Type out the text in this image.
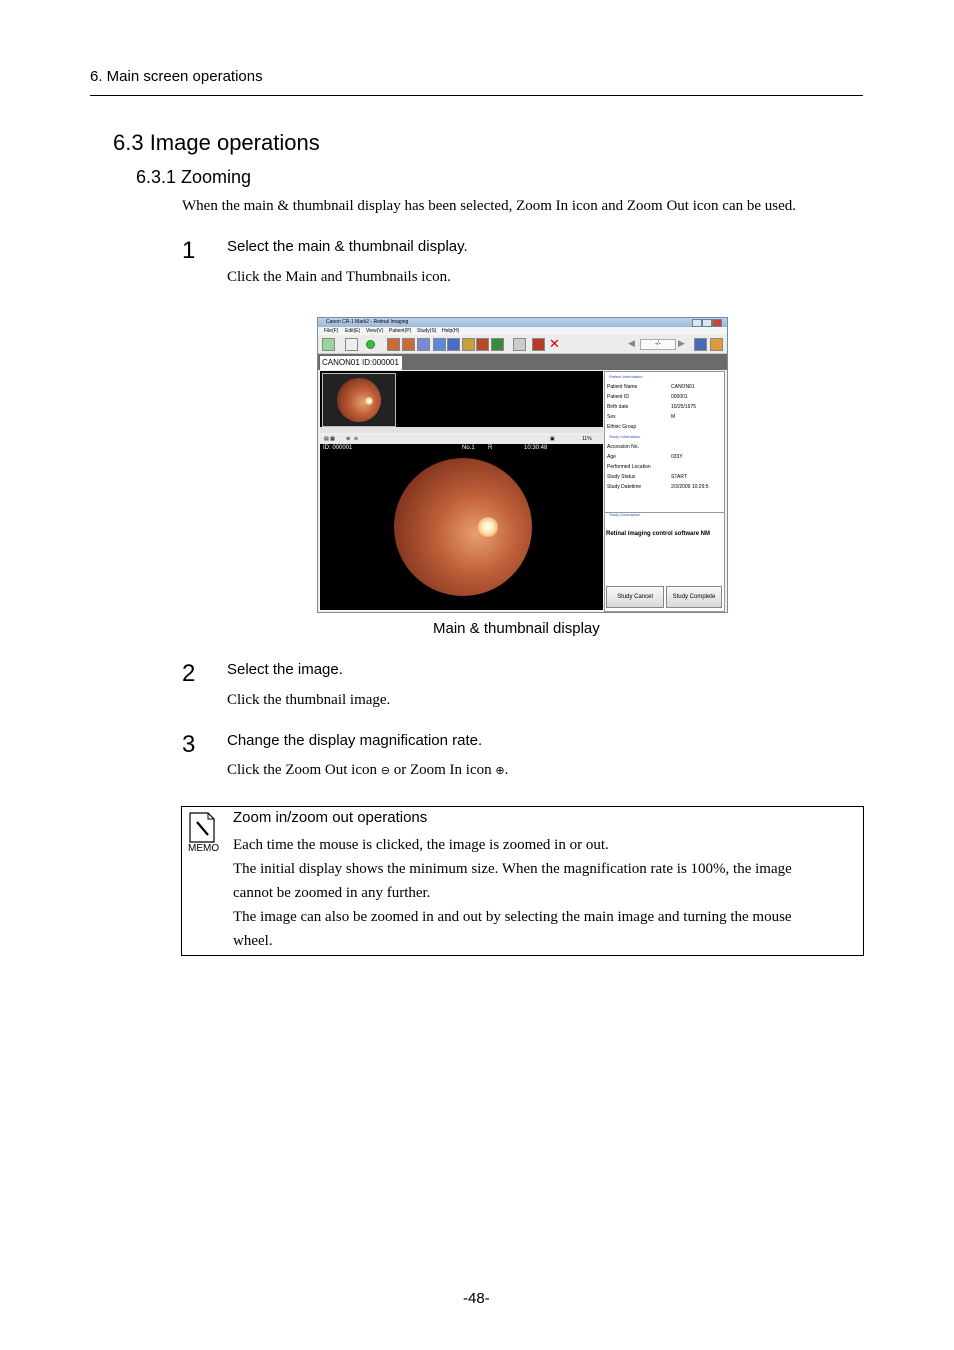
6. Main screen operations
6.3 Image operations
6.3.1 Zooming
When the main & thumbnail display has been selected, Zoom In icon and Zoom Out icon can be used.
1 Select the main & thumbnail display.
Click the Main and Thumbnails icon.
Canon CR-1 Mark2 - Retinal Imaging
File(F) Edit(E) View(V) Patient(P) Study(S) Help(H)
✕	◀	-/-	▶
CANON01 ID:000001
▤ ▦ ⊕ ⊖	▣	11%
ID: 000001	No.1 R	10:30:48
Patient Information
Patient Name	CANON01
Patient ID	000001
Birth date	10/25/1975
Sex	M
Ethnic Group
Study Information
Accession No.
Age	033Y
Performed Location
Study Status	START
Study Datetime	2/3/2009 10:29:5
Study Description
Retinal imaging control software NM
Study Cancel	Study Complete
Main & thumbnail display
2 Select the image.
Click the thumbnail image.
3 Change the display magnification rate.
Click the Zoom Out icon ⊖ or Zoom In icon ⊕.
MEMO
Zoom in/zoom out operations
Each time the mouse is clicked, the image is zoomed in or out.
The initial display shows the minimum size. When the magnification rate is 100%, the image
cannot be zoomed in any further.
The image can also be zoomed in and out by selecting the main image and turning the mouse
wheel.
-48-
